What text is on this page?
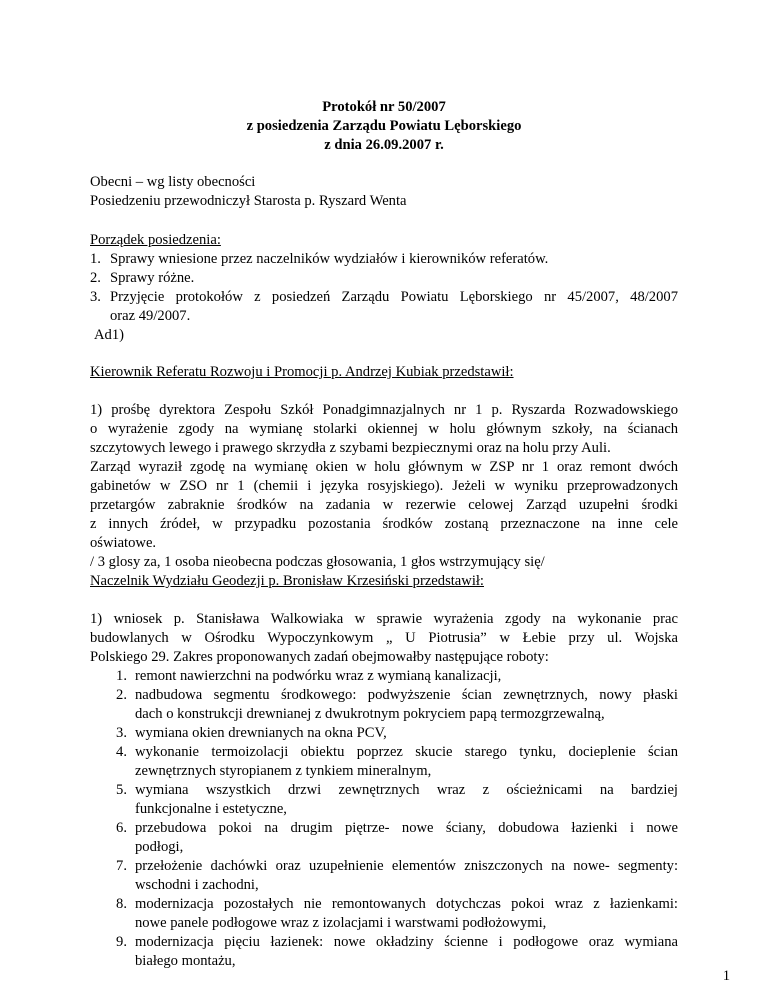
Protokół nr 50/2007
z posiedzenia Zarządu Powiatu Lęborskiego
z dnia 26.09.2007 r.
Obecni – wg listy obecności
Posiedzeniu przewodniczył Starosta p. Ryszard Wenta
Porządek posiedzenia:
1. Sprawy wniesione przez naczelników wydziałów i kierowników referatów.
2. Sprawy różne.
3. Przyjęcie protokołów z posiedzeń Zarządu Powiatu Lęborskiego nr 45/2007, 48/2007
oraz 49/2007.
Ad1)
Kierownik Referatu Rozwoju i Promocji p. Andrzej Kubiak przedstawił:
1) prośbę dyrektora Zespołu Szkół Ponadgimnazjalnych nr 1 p. Ryszarda Rozwadowskiego
o wyrażenie zgody na wymianę stolarki okiennej w holu głównym szkoły, na ścianach
szczytowych lewego i prawego skrzydła z szybami bezpiecznymi oraz na holu przy Auli.
Zarząd wyraził zgodę na wymianę okien w holu głównym w ZSP nr 1 oraz remont dwóch
gabinetów w ZSO nr 1 (chemii i języka rosyjskiego). Jeżeli w wyniku przeprowadzonych
przetargów zabraknie środków na zadania w rezerwie celowej Zarząd uzupełni środki
z innych źródeł, w przypadku pozostania środków zostaną przeznaczone na inne cele
oświatowe.
/ 3 glosy za, 1 osoba nieobecna podczas głosowania, 1 głos wstrzymujący się/
Naczelnik Wydziału Geodezji p. Bronisław Krzesiński przedstawił:
1) wniosek p. Stanisława Walkowiaka w sprawie wyrażenia zgody na wykonanie prac
budowlanych w Ośrodku Wypoczynkowym „ U Piotrusia” w Łebie przy ul. Wojska
Polskiego 29. Zakres proponowanych zadań obejmowałby następujące roboty:
1. remont nawierzchni na podwórku wraz z wymianą kanalizacji,
2. nadbudowa segmentu środkowego: podwyższenie ścian zewnętrznych, nowy płaski
dach o konstrukcji drewnianej z dwukrotnym pokryciem papą termozgrzewalną,
3. wymiana okien drewnianych na okna PCV,
4. wykonanie termoizolacji obiektu poprzez skucie starego tynku, docieplenie ścian
zewnętrznych styropianem z tynkiem mineralnym,
5. wymiana wszystkich drzwi zewnętrznych wraz z ościeżnicami na bardziej
funkcjonalne i estetyczne,
6. przebudowa pokoi na drugim piętrze- nowe ściany, dobudowa łazienki i nowe
podłogi,
7. przełożenie dachówki oraz uzupełnienie elementów zniszczonych na nowe- segmenty:
wschodni i zachodni,
8. modernizacja pozostałych nie remontowanych dotychczas pokoi wraz z łazienkami:
nowe panele podłogowe wraz z izolacjami i warstwami podłożowymi,
9. modernizacja pięciu łazienek: nowe okładziny ścienne i podłogowe oraz wymiana
białego montażu,
1
